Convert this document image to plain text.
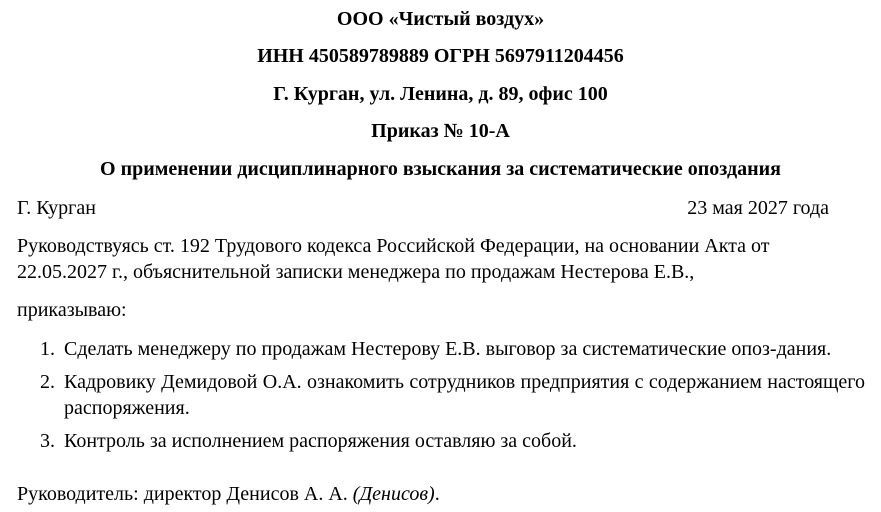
ООО «Чистый воздух»
ИНН 450589789889 ОГРН 5697911204456
Г. Курган, ул. Ленина, д. 89, офис 100
Приказ № 10-А
О применении дисциплинарного взыскания за систематические опоздания
Г. Курган	23 мая 2027 года
Руководствуясь ст. 192 Трудового кодекса Российской Федерации, на основании Акта от
22.05.2027 г., объяснительной записки менеджера по продажам Нестерова Е.В.,
приказываю:
1. Сделать менеджеру по продажам Нестерову Е.В. выговор за систематические опоз-дания.
2. Кадровику Демидовой О.А. ознакомить сотрудников предприятия с содержанием настоящего распоряжения.
3. Контроль за исполнением распоряжения оставляю за собой.
Руководитель: директор Денисов А. А. (Денисов).
